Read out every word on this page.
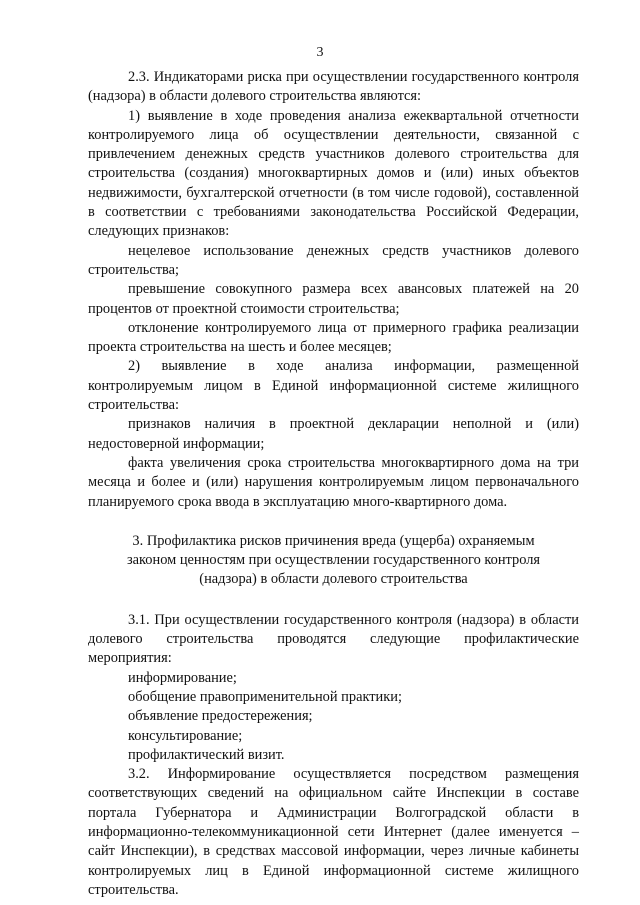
3

2.3. Индикаторами риска при осуществлении государственного контроля (надзора) в области долевого строительства являются:

1) выявление в ходе проведения анализа ежеквартальной отчетности контролируемого лица об осуществлении деятельности, связанной с привлечением денежных средств участников долевого строительства для строительства (создания) многоквартирных домов и (или) иных объектов недвижимости, бухгалтерской отчетности (в том числе годовой), составленной в соответствии с требованиями законодательства Российской Федерации, следующих признаков:

нецелевое использование денежных средств участников долевого строительства;

превышение совокупного размера всех авансовых платежей на 20 процентов от проектной стоимости строительства;

отклонение контролируемого лица от примерного графика реализации проекта строительства на шесть и более месяцев;

2) выявление в ходе анализа информации, размещенной контролируемым лицом в Единой информационной системе жилищного строительства:

признаков наличия в проектной декларации неполной и (или) недостоверной информации;

факта увеличения срока строительства многоквартирного дома на три месяца и более и (или) нарушения контролируемым лицом первоначального планируемого срока ввода в эксплуатацию много-квартирного дома.

3. Профилактика рисков причинения вреда (ущерба) охраняемым законом ценностям при осуществлении государственного контроля (надзора) в области долевого строительства

3.1. При осуществлении государственного контроля (надзора) в области долевого строительства проводятся следующие профилактические мероприятия:

информирование;

обобщение правоприменительной практики;

объявление предостережения;

консультирование;

профилактический визит.

3.2. Информирование осуществляется посредством размещения соответствующих сведений на официальном сайте Инспекции в составе портала Губернатора и Администрации Волгоградской области в информационно-телекоммуникационной сети Интернет (далее именуется – сайт Инспекции), в средствах массовой информации, через личные кабинеты контролируемых лиц в Единой информационной системе жилищного строительства.
